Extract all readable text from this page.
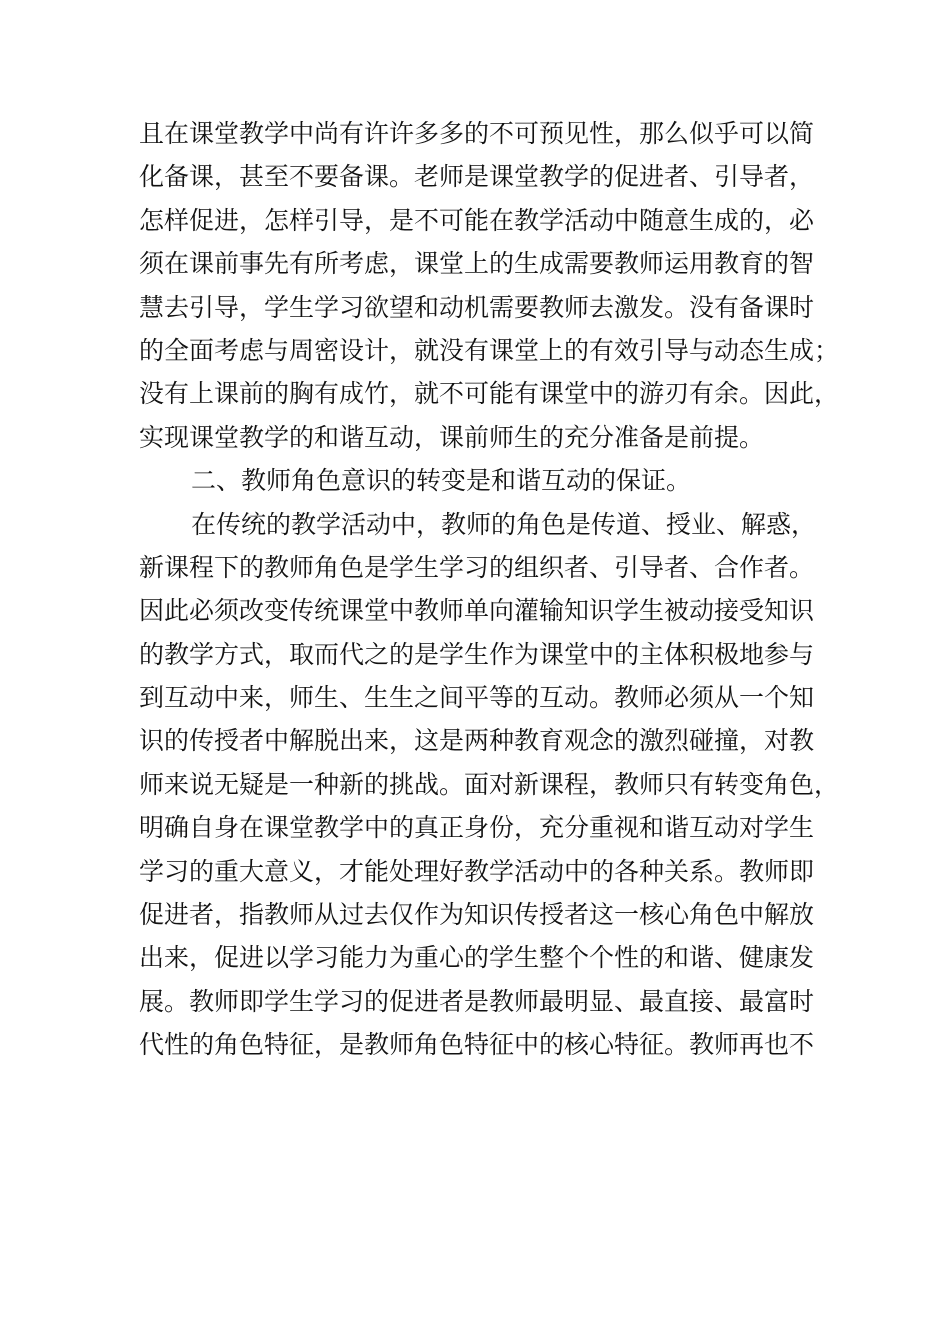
且在课堂教学中尚有许许多多的不可预见性，那么似乎可以简
化备课，甚至不要备课。老师是课堂教学的促进者、引导者，
怎样促进，怎样引导，是不可能在教学活动中随意生成的，必
须在课前事先有所考虑，课堂上的生成需要教师运用教育的智
慧去引导，学生学习欲望和动机需要教师去激发。没有备课时
的全面考虑与周密设计，就没有课堂上的有效引导与动态生成；
没有上课前的胸有成竹，就不可能有课堂中的游刃有余。因此，
实现课堂教学的和谐互动，课前师生的充分准备是前提。
二、教师角色意识的转变是和谐互动的保证。
在传统的教学活动中，教师的角色是传道、授业、解惑，
新课程下的教师角色是学生学习的组织者、引导者、合作者。
因此必须改变传统课堂中教师单向灌输知识学生被动接受知识
的教学方式，取而代之的是学生作为课堂中的主体积极地参与
到互动中来，师生、生生之间平等的互动。教师必须从一个知
识的传授者中解脱出来，这是两种教育观念的激烈碰撞，对教
师来说无疑是一种新的挑战。面对新课程，教师只有转变角色，
明确自身在课堂教学中的真正身份，充分重视和谐互动对学生
学习的重大意义，才能处理好教学活动中的各种关系。教师即
促进者，指教师从过去仅作为知识传授者这一核心角色中解放
出来，促进以学习能力为重心的学生整个个性的和谐、健康发
展。教师即学生学习的促进者是教师最明显、最直接、最富时
代性的角色特征，是教师角色特征中的核心特征。教师再也不
